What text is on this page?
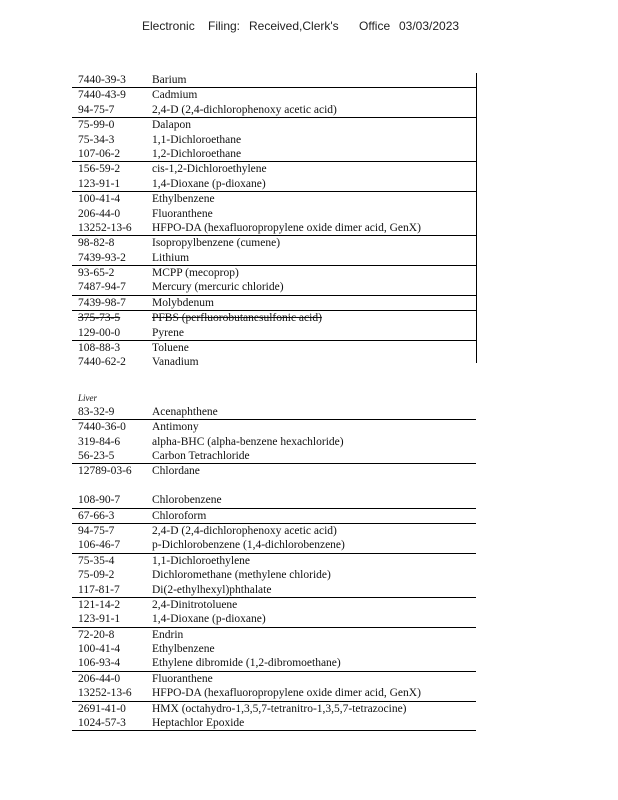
Electronic Filing: Received,Clerk's Office 03/03/2023
7440-39-3	Barium
7440-43-9	Cadmium
94-75-7	2,4-D (2,4-dichlorophenoxy acetic acid)
75-99-0	Dalapon
75-34-3	1,1-Dichloroethane
107-06-2	1,2-Dichloroethane
156-59-2	cis-1,2-Dichloroethylene
123-91-1	1,4-Dioxane (p-dioxane)
100-41-4	Ethylbenzene
206-44-0	Fluoranthene
13252-13-6	HFPO-DA (hexafluoropropylene oxide dimer acid, GenX)
98-82-8	Isopropylbenzene (cumene)
7439-93-2	Lithium
93-65-2	MCPP (mecoprop)
7487-94-7	Mercury (mercuric chloride)
7439-98-7	Molybdenum
375-73-5	PFBS (perfluorobutanesulfonic acid)
129-00-0	Pyrene
108-88-3	Toluene
7440-62-2	Vanadium
Liver
83-32-9	Acenaphthene
7440-36-0	Antimony
319-84-6	alpha-BHC (alpha-benzene hexachloride)
56-23-5	Carbon Tetrachloride
12789-03-6	Chlordane
108-90-7	Chlorobenzene
67-66-3	Chloroform
94-75-7	2,4-D (2,4-dichlorophenoxy acetic acid)
106-46-7	p-Dichlorobenzene (1,4-dichlorobenzene)
75-35-4	1,1-Dichloroethylene
75-09-2	Dichloromethane (methylene chloride)
117-81-7	Di(2-ethylhexyl)phthalate
121-14-2	2,4-Dinitrotoluene
123-91-1	1,4-Dioxane (p-dioxane)
72-20-8	Endrin
100-41-4	Ethylbenzene
106-93-4	Ethylene dibromide (1,2-dibromoethane)
206-44-0	Fluoranthene
13252-13-6	HFPO-DA (hexafluoropropylene oxide dimer acid, GenX)
2691-41-0	HMX (octahydro-1,3,5,7-tetranitro-1,3,5,7-tetrazocine)
1024-57-3	Heptachlor Epoxide
